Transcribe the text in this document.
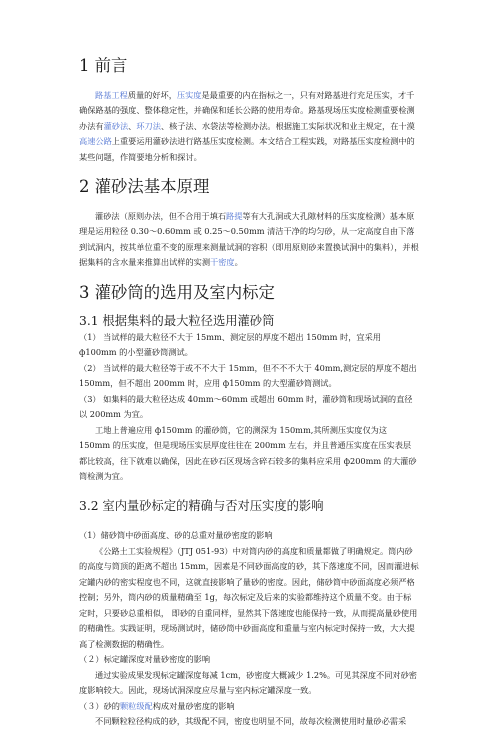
1 前言

路基工程质量的好坏，压实度是最重要的内在指标之一，只有对路基进行充足压实，才千确保路基的强度、整体稳定性，并确保和延长公路的使用寿命。路基现场压实度检测重要检测办法有灌砂法、环刀法、核子法、水袋法等检测办法。根据施工实际状况和业主规定，在十漠高速公路上重要运用灌砂法进行路基压实度检测。本文结合工程实践，对路基压实度检测中的某些问题，作简要地分析和探讨。

2 灌砂法基本原理

灌砂法（原则办法，但不合用于填石路提等有大孔洞或大孔隙材料的压实度检测）基本原理是运用粒径 0.30～0.60mm 或 0.25～0.50mm 清洁干净的均匀砂，从一定高度自由下落到试洞内，按其单位重不变的原理来测量试洞的容积（即用原则砂来置换试洞中的集料），并根据集料的含水量来推算出试样的实测干密度。

3 灌砂筒的选用及室内标定
3.1 根据集料的最大粒径选用灌砂筒

（1） 当试样的最大粒径不大于 15mm、测定层的厚度不超出 150mm 时，宜采用 ф100mm 的小型灌砂筒测试。

（2） 当试样的最大粒径等于或不不大于 15mm，但不不不大于 40mm,测定层的厚度不超出 150mm，但不超出 200mm 时，应用 ф150mm 的大型灌砂筒测试。

（3） 如集料的最大粒径达成 40mm～60mm 或超出 60mm 时，灌砂筒和现场试洞的直径以 200mm 为宜。

工地上普遍应用 ф150mm 的灌砂筒，它的测深为 150mm,其所测压实度仅为这 150mm 的压实度，但是现场压实层厚度往往在 200mm 左右，并且普通压实度在压实表层都比较高，往下就难以确保，因此在砂石区现场含碎石较多的集料应采用 ф200mm 的大灌砂筒检测为宜。

3.2 室内量砂标定的精确与否对压实度的影响

（1）储砂筒中砂面高度、砂的总重对量砂密度的影响

《公路土工实验规程》（JTJ 051-93）中对筒内砂的高度和质量都做了明确规定。筒内砂的高度与筒顶的距离不超出 15mm，因素是不同砂面高度的砂，其下落速度不同，因而灌进标定罐内砂的密实程度也不同，这就直接影响了量砂的密度。因此，储砂筒中砂面高度必须严格控制；另外，筒内砂的质量精确至 1g，每次标定及后来的实验都维持这个质量不变。由于标定时，只要砂总重相似， 即砂的自重同样，显然其下落速度也能保持一致，从而提高量砂使用的精确性。实践证明，现场测试时，储砂筒中砂面高度和重量与室内标定时保持一致，大大提高了检测数据的精确性。

（２）标定罐深度对量砂密度的影响

通过实验成果发现标定罐深度每减 1cm，砂密度大概减少 1.2%。可见其深度不同对砂密度影响较大。因此，现场试洞深度应尽量与室内标定罐深度一致。

（３）砂的颗粒级配构成对量砂密度的影响

不同颗粒粒径构成的砂，其级配不同，密度也明显不同，故每次检测使用时量砂必需采
